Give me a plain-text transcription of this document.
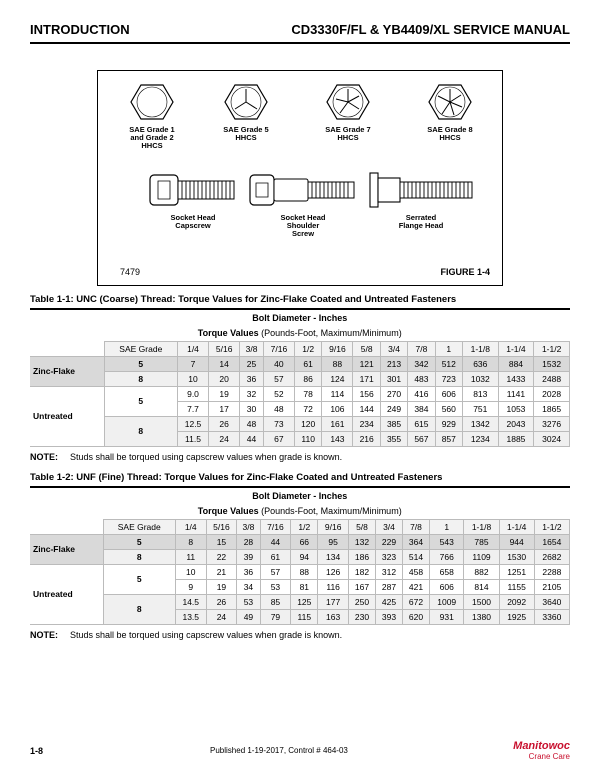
INTRODUCTION	CD3330F/FL & YB4409/XL SERVICE MANUAL
SAE Grade 1
and Grade 2
HHCS
SAE Grade 5
HHCS
SAE Grade 7
HHCS
SAE Grade 8
HHCS
Socket Head
Capscrew
Socket Head
Shoulder
Screw
Serrated
Flange Head
7479	FIGURE 1-4
Table 1-1: UNC (Coarse) Thread: Torque Values for Zinc-Flake Coated and Untreated Fasteners
Bolt Diameter - Inches														
Torque Values (Pounds-Foot, Maximum/Minimum)														
	SAE Grade	1/4	5/16	3/8	7/16	1/2	9/16	5/8	3/4	7/8	1	1-1/8	1-1/4	1-1/2
Zinc-Flake	5	7	14	25	40	61	88	121	213	342	512	636	884	1532
	8	10	20	36	57	86	124	171	301	483	723	1032	1433	2488
Untreated	5	9.0	19	32	52	78	114	156	270	416	606	813	1141	2028
		7.7	17	30	48	72	106	144	249	384	560	751	1053	1865
	8	12.5	26	48	73	120	161	234	385	615	929	1342	2043	3276
		11.5	24	44	67	110	143	216	355	567	857	1234	1885	3024
NOTE: Studs shall be torqued using capscrew values when grade is known.
Table 1-2: UNF (Fine) Thread: Torque Values for Zinc-Flake Coated and Untreated Fasteners
Bolt Diameter - Inches														
Torque Values (Pounds-Foot, Maximum/Minimum)														
	SAE Grade	1/4	5/16	3/8	7/16	1/2	9/16	5/8	3/4	7/8	1	1-1/8	1-1/4	1-1/2
Zinc-Flake	5	8	15	28	44	66	95	132	229	364	543	785	944	1654
	8	11	22	39	61	94	134	186	323	514	766	1109	1530	2682
Untreated	5	10	21	36	57	88	126	182	312	458	658	882	1251	2288
		9	19	34	53	81	116	167	287	421	606	814	1155	2105
	8	14.5	26	53	85	125	177	250	425	672	1009	1500	2092	3640
		13.5	24	49	79	115	163	230	393	620	931	1380	1925	3360
NOTE: Studs shall be torqued using capscrew values when grade is known.
1-8	Published 1-19-2017, Control # 464-03	Manitowoc
Crane Care
